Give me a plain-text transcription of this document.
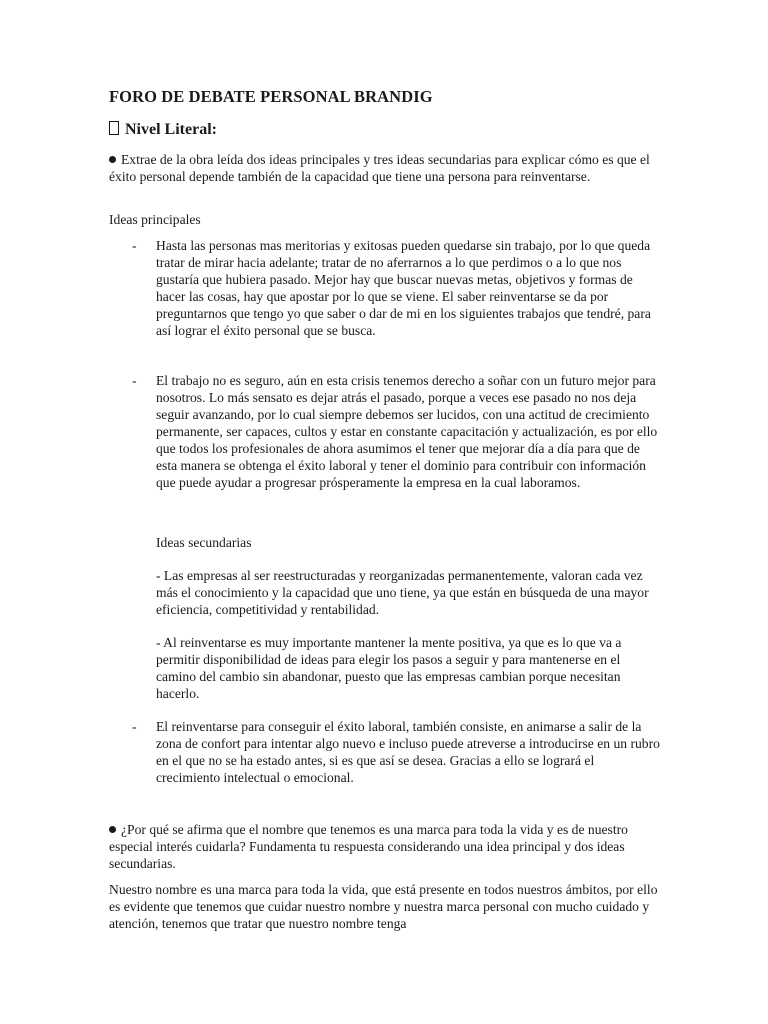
FORO DE DEBATE PERSONAL BRANDIG
Nivel Literal:
Extrae de la obra leída dos ideas principales y tres ideas secundarias para explicar cómo es que el éxito personal depende también de la capacidad que tiene una persona para reinventarse.
Ideas principales
- Hasta las personas mas meritorias y exitosas pueden quedarse sin trabajo, por lo que queda tratar de mirar hacia adelante; tratar de no aferrarnos a lo que perdimos o a lo que nos gustaría que hubiera pasado. Mejor hay que buscar nuevas metas, objetivos y formas de hacer las cosas, hay que apostar por lo que se viene. El saber reinventarse se da por preguntarnos que tengo yo que saber o dar de mi en los siguientes trabajos que tendré, para así lograr el éxito personal que se busca.
- El trabajo no es seguro, aún en esta crisis tenemos derecho a soñar con un futuro mejor para nosotros. Lo más sensato es dejar atrás el pasado, porque a veces ese pasado no nos deja seguir avanzando, por lo cual siempre debemos ser lucidos, con una actitud de crecimiento permanente, ser capaces, cultos y estar en constante capacitación y actualización, es por ello que todos los profesionales de ahora asumimos el tener que mejorar día a día para que de esta manera se obtenga el éxito laboral y tener el dominio para contribuir con información que puede ayudar a progresar prósperamente la empresa en la cual laboramos.
Ideas secundarias
- Las empresas al ser reestructuradas y reorganizadas permanentemente, valoran cada vez más el conocimiento y la capacidad que uno tiene, ya que están en búsqueda de una mayor eficiencia, competitividad y rentabilidad.
- Al reinventarse es muy importante mantener la mente positiva, ya que es lo que va a permitir disponibilidad de ideas para elegir los pasos a seguir y para mantenerse en el camino del cambio sin abandonar, puesto que las empresas cambian porque necesitan hacerlo.
- El reinventarse para conseguir el éxito laboral, también consiste, en animarse a salir de la zona de confort para intentar algo nuevo e incluso puede atreverse a introducirse en un rubro en el que no se ha estado antes, si es que así se desea. Gracias a ello se logrará el crecimiento intelectual o emocional.
¿Por qué se afirma que el nombre que tenemos es una marca para toda la vida y es de nuestro especial interés cuidarla? Fundamenta tu respuesta considerando una idea principal y dos ideas secundarias.
Nuestro nombre es una marca para toda la vida, que está presente en todos nuestros ámbitos, por ello es evidente que tenemos que cuidar nuestro nombre y nuestra marca personal con mucho cuidado y atención, tenemos que tratar que nuestro nombre tenga
